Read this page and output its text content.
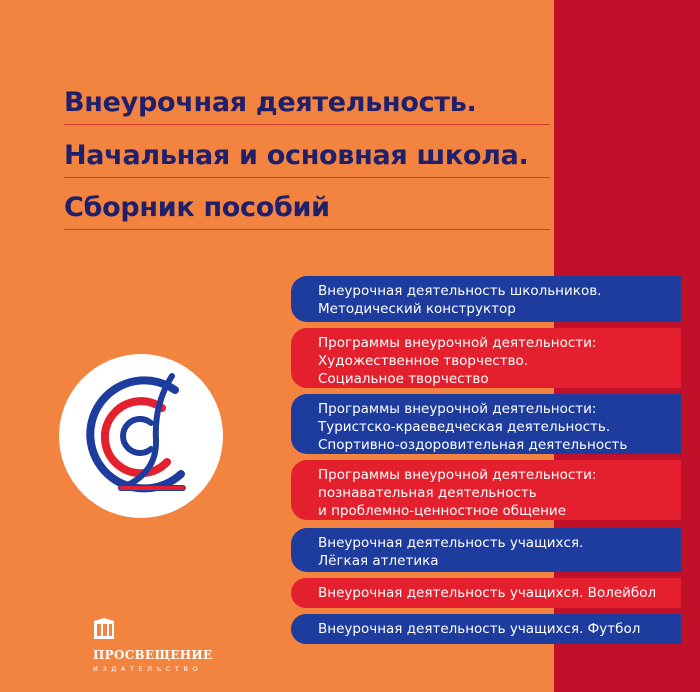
Внеурочная деятельность.
Начальная и основная школа.
Сборник пособий
Внеурочная деятельность школьников.
Методический конструктор
Программы внеурочной деятельности:
Художественное творчество.
Социальное творчество
Программы внеурочной деятельности:
Туристско-краеведческая деятельность.
Спортивно-оздоровительная деятельность
Программы внеурочной деятельности:
познавательная деятельность
и проблемно-ценностное общение
Внеурочная деятельность учащихся.
Лёгкая атлетика
Внеурочная деятельность учащихся. Волейбол
Внеурочная деятельность учащихся. Футбол
ПРОСВЕЩЕНИЕ
ИЗДАТЕЛЬСТВО
